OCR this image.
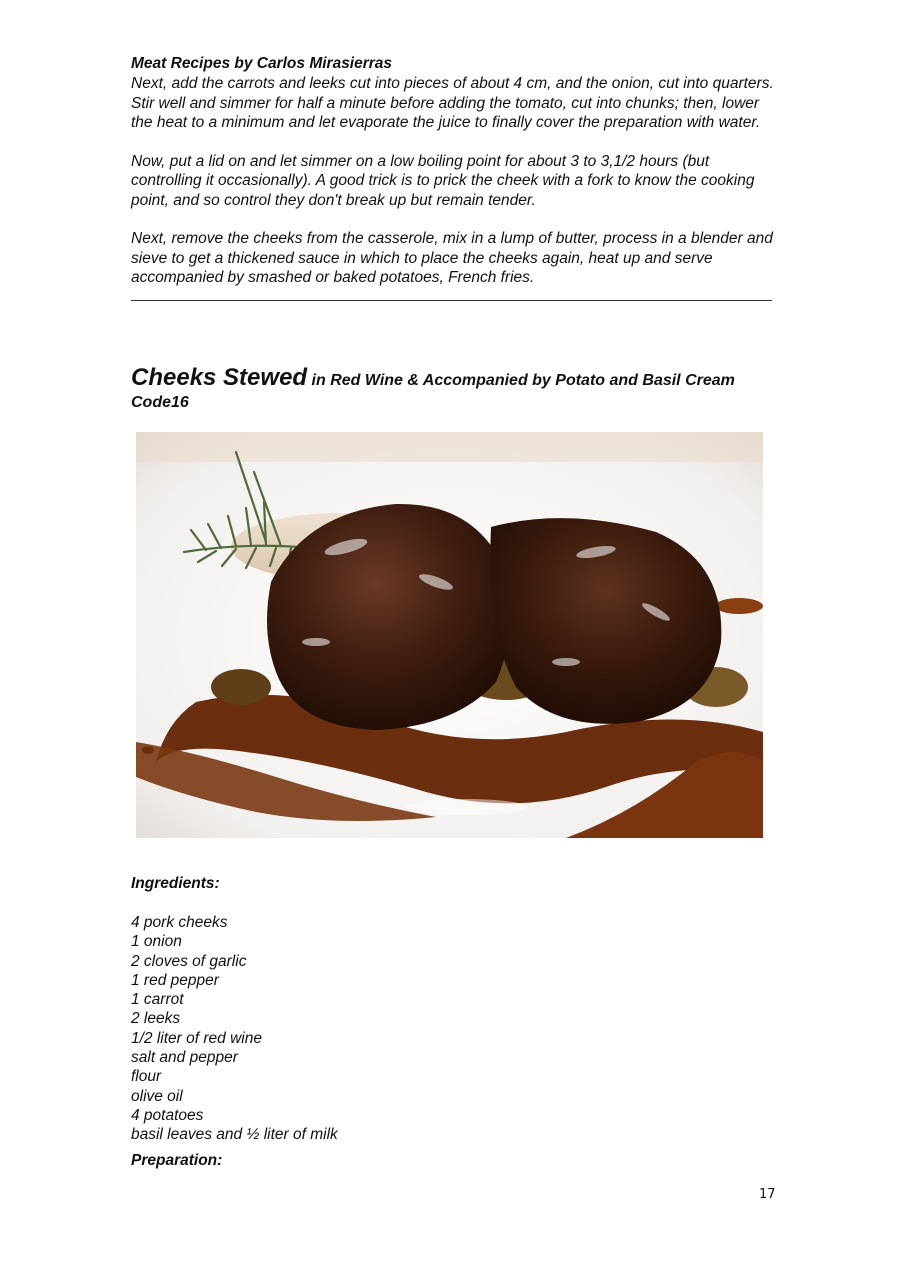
Meat Recipes by Carlos Mirasierras

Next, add the carrots and leeks cut into pieces of about 4 cm, and the onion, cut into quarters. Stir well and simmer for half a minute before adding the tomato, cut into chunks; then, lower the heat to a minimum and let evaporate the juice to finally cover the preparation with water.

Now, put a lid on and let simmer on a low boiling point for about 3 to 3,1/2 hours (but controlling it occasionally). A good trick is to prick the cheek with a fork to know the cooking point, and so control they don't break up but remain tender.

Next, remove the cheeks from the casserole, mix in a lump of butter, process in a blender and sieve to get a thickened sauce in which to place the cheeks again, heat up and serve accompanied by smashed or baked potatoes, French fries.

Cheeks Stewed in Red Wine & Accompanied by Potato and Basil Cream
Code16

Ingredients:

4 pork cheeks
1 onion
2 cloves of garlic
1 red pepper
1 carrot
2 leeks
1/2 liter of red wine
salt and pepper
flour
olive oil
4 potatoes
basil leaves and ½ liter of milk

Preparation:

17
